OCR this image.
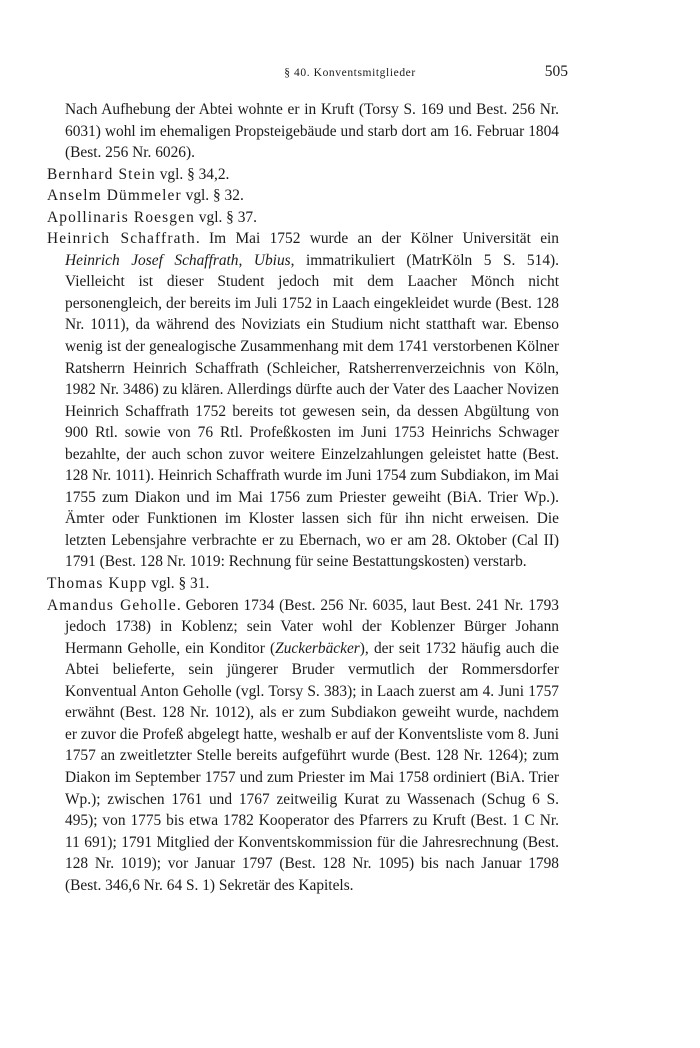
§ 40. Konventsmitglieder	505

Nach Aufhebung der Abtei wohnte er in Kruft (Torsy S. 169 und Best. 256 Nr. 6031) wohl im ehemaligen Propsteigebäude und starb dort am 16. Februar 1804 (Best. 256 Nr. 6026).

Bernhard Stein vgl. § 34,2.

Anselm Dümmeler vgl. § 32.

Apollinaris Roesgen vgl. § 37.

Heinrich Schaffrath. Im Mai 1752 wurde an der Kölner Universität ein Heinrich Josef Schaffrath, Ubius, immatrikuliert (MatrKöln 5 S. 514). Vielleicht ist dieser Student jedoch mit dem Laacher Mönch nicht personengleich, der bereits im Juli 1752 in Laach eingekleidet wurde (Best. 128 Nr. 1011), da während des Noviziats ein Studium nicht statthaft war. Ebenso wenig ist der genealogische Zusammenhang mit dem 1741 verstorbenen Kölner Ratsherrn Heinrich Schaffrath (Schleicher, Ratsherrenverzeichnis von Köln, 1982 Nr. 3486) zu klären. Allerdings dürfte auch der Vater des Laacher Novizen Heinrich Schaffrath 1752 bereits tot gewesen sein, da dessen Abgültung von 900 Rtl. sowie von 76 Rtl. Profeßkosten im Juni 1753 Heinrichs Schwager bezahlte, der auch schon zuvor weitere Einzelzahlungen geleistet hatte (Best. 128 Nr. 1011). Heinrich Schaffrath wurde im Juni 1754 zum Subdiakon, im Mai 1755 zum Diakon und im Mai 1756 zum Priester geweiht (BiA. Trier Wp.). Ämter oder Funktionen im Kloster lassen sich für ihn nicht erweisen. Die letzten Lebensjahre verbrachte er zu Ebernach, wo er am 28. Oktober (Cal II) 1791 (Best. 128 Nr. 1019: Rechnung für seine Bestattungskosten) verstarb.

Thomas Kupp vgl. § 31.

Amandus Geholle. Geboren 1734 (Best. 256 Nr. 6035, laut Best. 241 Nr. 1793 jedoch 1738) in Koblenz; sein Vater wohl der Koblenzer Bürger Johann Hermann Geholle, ein Konditor (Zuckerbäcker), der seit 1732 häufig auch die Abtei belieferte, sein jüngerer Bruder vermutlich der Rommersdorfer Konventual Anton Geholle (vgl. Torsy S. 383); in Laach zuerst am 4. Juni 1757 erwähnt (Best. 128 Nr. 1012), als er zum Subdiakon geweiht wurde, nachdem er zuvor die Profeß abgelegt hatte, weshalb er auf der Konventsliste vom 8. Juni 1757 an zweitletzter Stelle bereits aufgeführt wurde (Best. 128 Nr. 1264); zum Diakon im September 1757 und zum Priester im Mai 1758 ordiniert (BiA. Trier Wp.); zwischen 1761 und 1767 zeitweilig Kurat zu Wassenach (Schug 6 S. 495); von 1775 bis etwa 1782 Kooperator des Pfarrers zu Kruft (Best. 1 C Nr. 11 691); 1791 Mitglied der Konventskommission für die Jahresrechnung (Best. 128 Nr. 1019); vor Januar 1797 (Best. 128 Nr. 1095) bis nach Januar 1798 (Best. 346,6 Nr. 64 S. 1) Sekretär des Kapitels.
